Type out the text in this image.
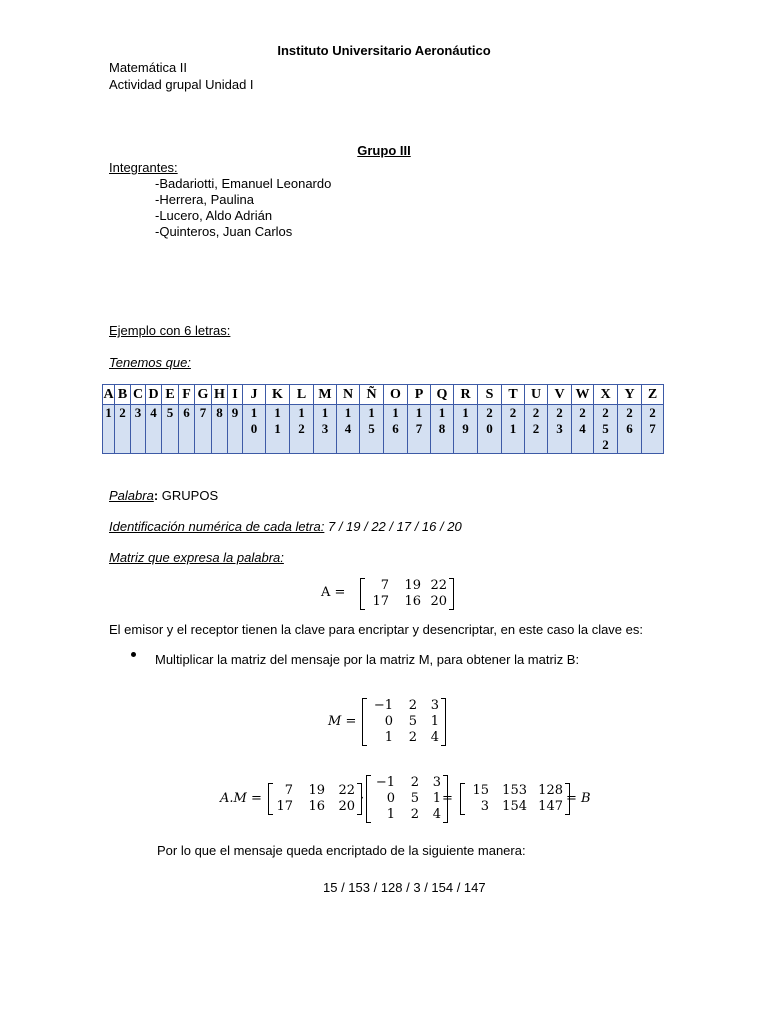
Instituto Universitario Aeronáutico
Matemática II
Actividad grupal Unidad I
Grupo III
Integrantes:
-Badariotti, Emanuel Leonardo
-Herrera, Paulina
-Lucero, Aldo Adrián
-Quinteros, Juan Carlos
Ejemplo con 6 letras:
Tenemos que:
A	B	C	D	E	F	G	H	I	J	K	L	M	N	Ñ	O	P	Q	R	S	T	U	V	W	X	Y	Z

1	2	3	4	5	6	7	8	9	10	11	12	13	14	15	16	17	18	19	20	21	22	23	24	252	26	27
Palabra: GRUPOS
Identificación numérica de cada letra: 7 / 19 / 22 / 17 / 16 / 20
Matriz que expresa la palabra:
A =	7	19 22
17	16 20
El emisor y el receptor tienen la clave para encriptar y desencriptar, en este caso la clave es:
Multiplicar la matriz del mensaje por la matriz M, para obtener la matriz B:
M =
−1	2	3
0	5	1
1	2	4
A.M =
7	19	22
17	16	20
·
−1	2	3
0	5	1
1	2	4
=
15	153 128
3	154 147
= B
Por lo que el mensaje queda encriptado de la siguiente manera:
15 / 153 / 128 / 3 / 154 / 147
